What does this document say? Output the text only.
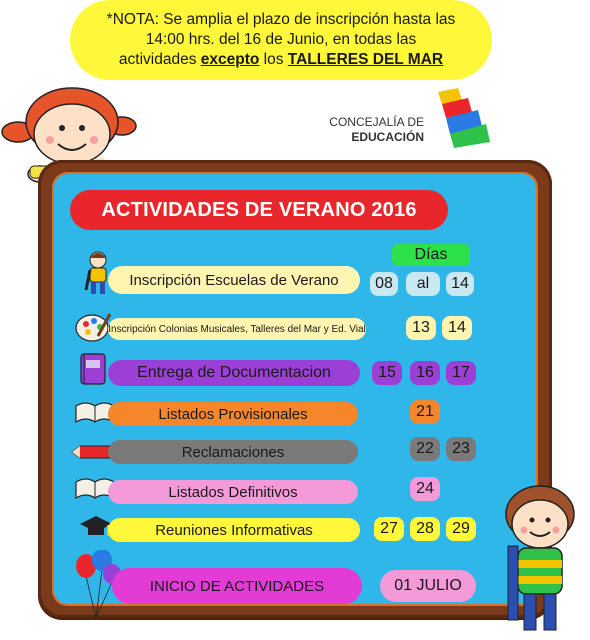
*NOTA: Se amplia el plazo de inscripción hasta las
14:00 hrs. del 16 de Junio, en todas las
actividades excepto los TALLERES DEL MAR
CONCEJALÍA DE
EDUCACIÓN
ACTIVIDADES DE VERANO 2016
Días
Inscripción Escuelas de Verano	08	al	14
Inscripción Colonias Musicales, Talleres del Mar y Ed. Vial	13	14
Entrega de Documentacion	15	16	17
Listados Provisionales	21
Reclamaciones	22	23
Listados Definitivos	24
Reuniones Informativas	27	28	29
INICIO DE ACTIVIDADES	01 JULIO
